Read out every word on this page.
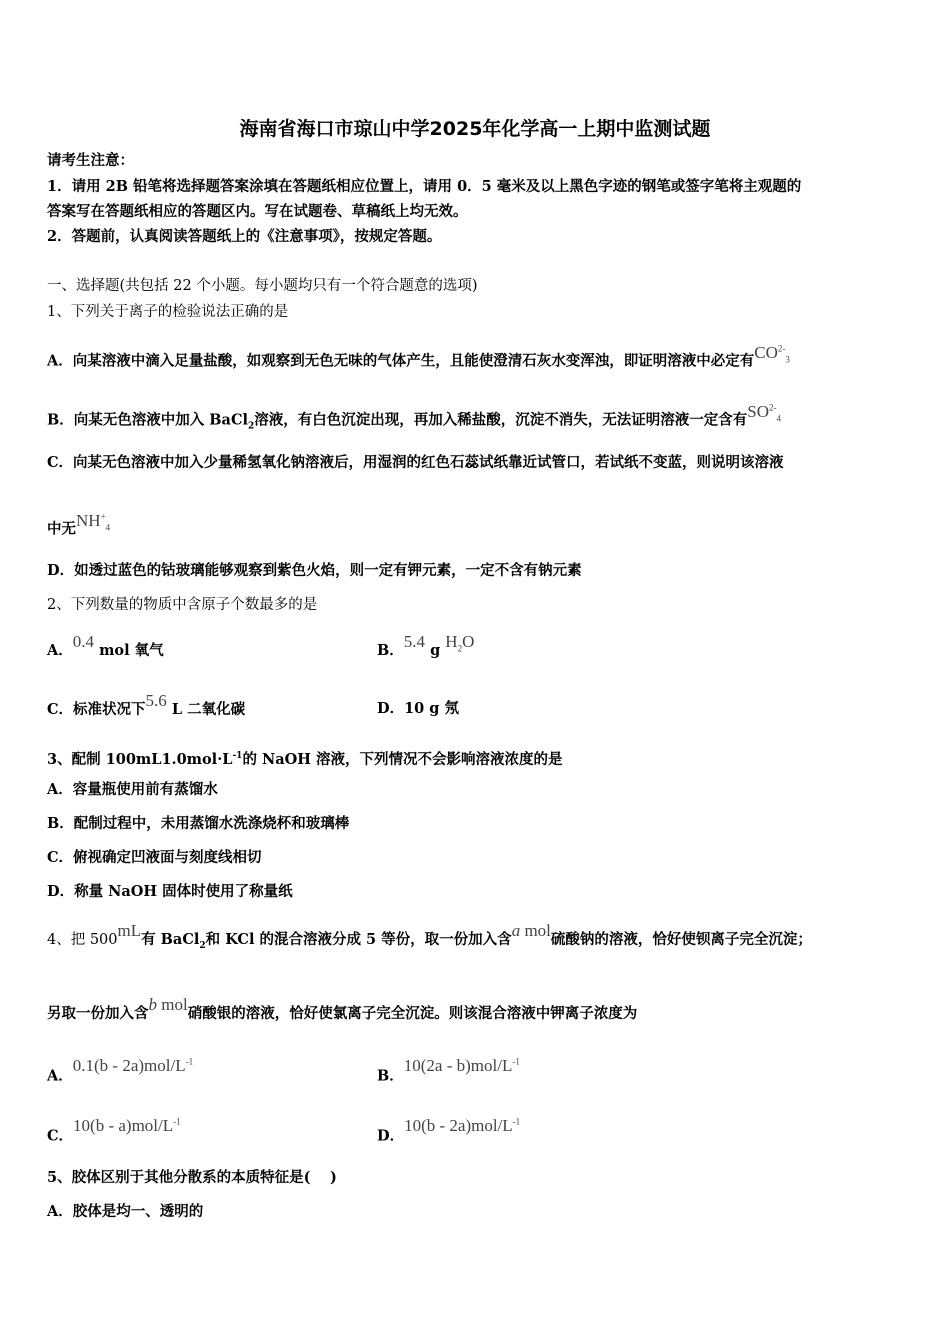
海南省海口市琼山中学2025年化学高一上期中监测试题
请考生注意：
1．请用 2B 铅笔将选择题答案涂填在答题纸相应位置上，请用 0．5 毫米及以上黑色字迹的钢笔或签字笔将主观题的
答案写在答题纸相应的答题区内。写在试题卷、草稿纸上均无效。
2．答题前，认真阅读答题纸上的《注意事项》，按规定答题。
一、选择题(共包括 22 个小题。每小题均只有一个符合题意的选项)
1、下列关于离子的检验说法正确的是
A．向某溶液中滴入足量盐酸，如观察到无色无味的气体产生，且能使澄清石灰水变浑浊，即证明溶液中必定有$CO^{2-}_3$
B．向某无色溶液中加入 BaCl$_2$溶液，有白色沉淀出现，再加入稀盐酸，沉淀不消失，无法证明溶液一定含有$SO^{2-}_4$
C．向某无色溶液中加入少量稀氢氧化钠溶液后，用湿润的红色石蕊试纸靠近试管口，若试纸不变蓝，则说明该溶液
中无$NH^+_4$
D．如透过蓝色的钴玻璃能够观察到紫色火焰，则一定有钾元素，一定不含有钠元素
2、下列数量的物质中含原子个数最多的是
A．0.4 mol 氧气	B．5.4 g $H_2O$
C．标准状况下5.6 L 二氧化碳	D．10 g 氖
3、配制 $100mL1.0mol\cdot L^{-1}$的 NaOH 溶液，下列情况不会影响溶液浓度的是
A．容量瓶使用前有蒸馏水
B．配制过程中，未用蒸馏水洗涤烧杯和玻璃棒
C．俯视确定凹液面与刻度线相切
D．称量 NaOH 固体时使用了称量纸
4、把 500mL有 BaCl$_2$和 KCl 的混合溶液分成 5 等份，取一份加入含a mol硫酸钠的溶液，恰好使钡离子完全沉淀；
另取一份加入含b mol硝酸银的溶液，恰好使氯离子完全沉淀。则该混合溶液中钾离子浓度为
A．$0.1(b - 2a)mol/L^{-1}$
B．$10(2a - b)mol/L^{-1}$
C．$10(b - a)mol/L^{-1}$
D．$10(b - 2a)mol/L^{-1}$
5、胶体区别于其他分散系的本质特征是(　 )
A．胶体是均一、透明的
